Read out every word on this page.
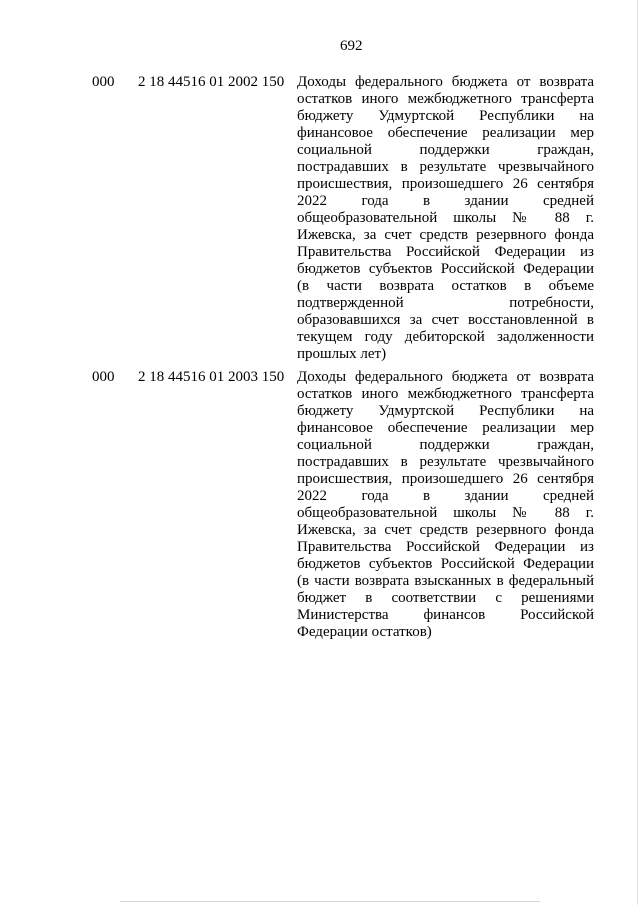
692
000 2 18 44516 01 2002 150 Доходы федерального бюджета от возврата остатков иного межбюджетного трансферта бюджету Удмуртской Республики на финансовое обеспечение реализации мер социальной поддержки граждан, пострадавших в результате чрезвычайного происшествия, произошедшего 26 сентября 2022 года в здании средней общеобразовательной школы № 88 г. Ижевска, за счет средств резервного фонда Правительства Российской Федерации из бюджетов субъектов Российской Федерации (в части возврата остатков в объеме подтвержденной потребности, образовавшихся за счет восстановленной в текущем году дебиторской задолженности прошлых лет)
000 2 18 44516 01 2003 150 Доходы федерального бюджета от возврата остатков иного межбюджетного трансферта бюджету Удмуртской Республики на финансовое обеспечение реализации мер социальной поддержки граждан, пострадавших в результате чрезвычайного происшествия, произошедшего 26 сентября 2022 года в здании средней общеобразовательной школы № 88 г. Ижевска, за счет средств резервного фонда Правительства Российской Федерации из бюджетов субъектов Российской Федерации (в части возврата взысканных в федеральный бюджет в соответствии с решениями Министерства финансов Российской Федерации остатков)
